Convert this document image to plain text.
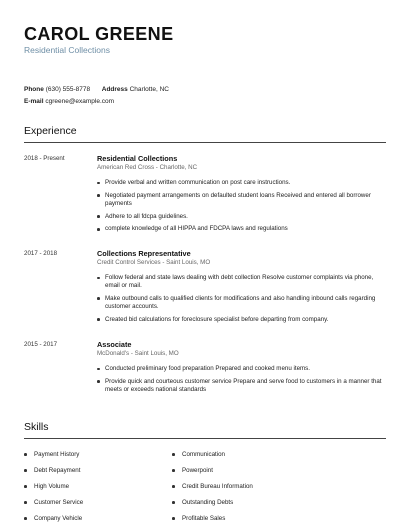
CAROL GREENE
Residential Collections
Phone (630) 555-8778 Address Charlotte, NC
E-mail cgreene@example.com
Experience
2018 - Present	Residential Collections
American Red Cross - Charlotte, NC
Provide verbal and written communication on post care instructions.
Negotiated payment arrangements on defaulted student loans Received and entered all borrower payments
Adhere to all fdcpa guidelines.
complete knowledge of all HIPPA and FDCPA laws and regulations
2017 - 2018	Collections Representative
Credit Control Services - Saint Louis, MO
Follow federal and state laws dealing with debt collection Resolve customer complaints via phone, email or mail.
Make outbound calls to qualified clients for modifications and also handling inbound calls regarding customer accounts.
Created bid calculations for foreclosure specialist before departing from company.
2015 - 2017	Associate
McDonald's - Saint Louis, MO
Conducted preliminary food preparation Prepared and cooked menu items.
Provide quick and courteous customer service Prepare and serve food to customers in a manner that meets or exceeds national standards
Skills
Payment History
Debt Repayment
High Volume
Customer Service
Company Vehicle
Communication
Powerpoint
Credit Bureau Information
Outstanding Debts
Profitable Sales
